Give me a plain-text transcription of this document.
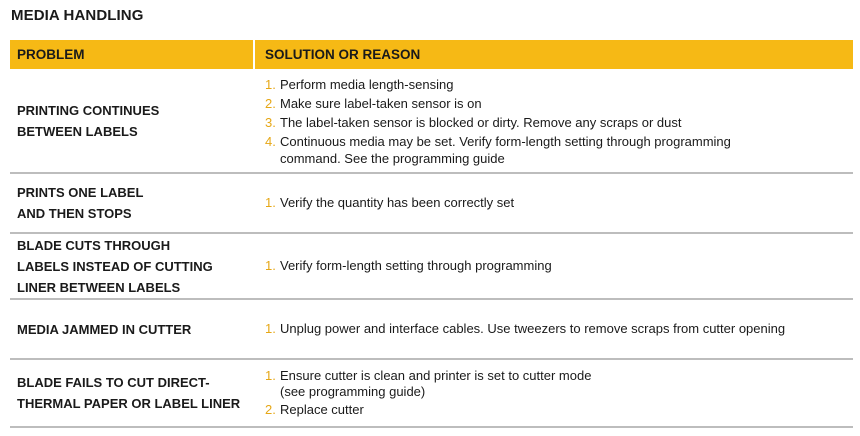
MEDIA HANDLING
PROBLEM	SOLUTION OR REASON
PRINTING CONTINUES
BETWEEN LABELS
1. Perform media length-sensing
2. Make sure label-taken sensor is on
3. The label-taken sensor is blocked or dirty. Remove any scraps or dust
4. Continuous media may be set. Verify form-length setting through programming
command. See the programming guide
PRINTS ONE LABEL
AND THEN STOPS
1. Verify the quantity has been correctly set
BLADE CUTS THROUGH
LABELS INSTEAD OF CUTTING
LINER BETWEEN LABELS
1. Verify form-length setting through programming
MEDIA JAMMED IN CUTTER	1. Unplug power and interface cables. Use tweezers to remove scraps from cutter opening
BLADE FAILS TO CUT DIRECT-
THERMAL PAPER OR LABEL LINER
1. Ensure cutter is clean and printer is set to cutter mode
(see programming guide)
2. Replace cutter
